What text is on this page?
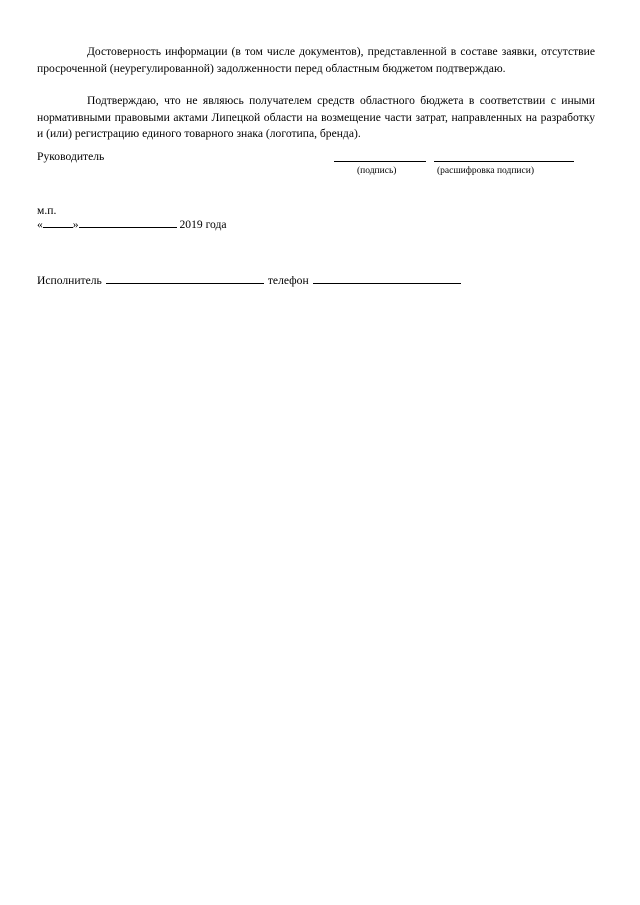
Достоверность информации (в том числе документов), представленной в составе заявки, отсутствие просроченной (неурегулированной) задолженности перед областным бюджетом подтверждаю.

Подтверждаю, что не являюсь получателем средств областного бюджета в соответствии с иными нормативными правовыми актами Липецкой области на возмещение части затрат, направленных на разработку и (или) регистрацию единого товарного знака (логотипа, бренда).

Руководитель
(подпись)	(расшифровка подписи)
м.п.
«	»	2019 года
Исполнитель	телефон
